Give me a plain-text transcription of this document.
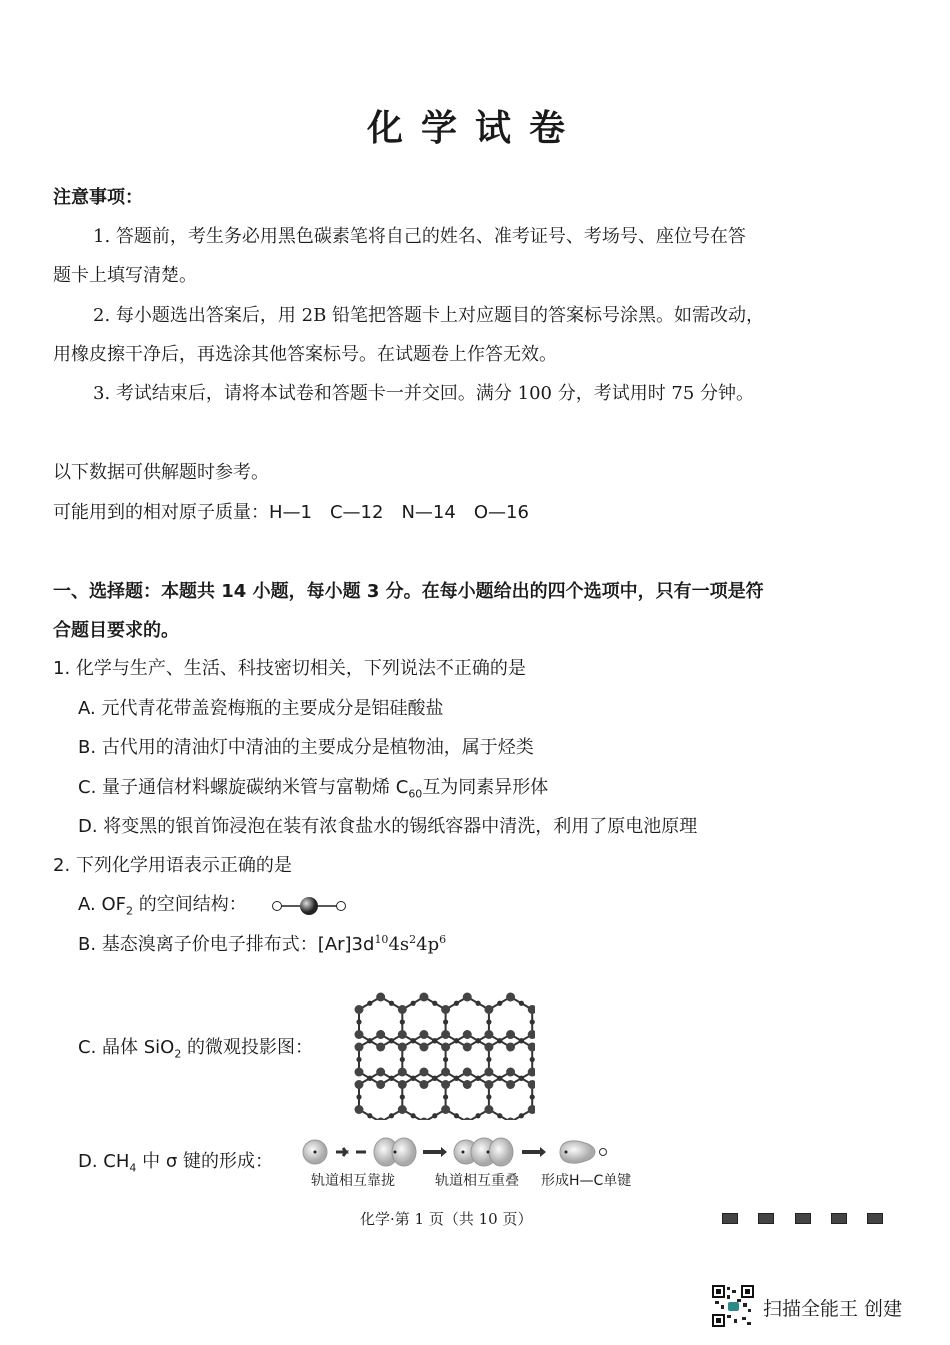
化学试卷
注意事项：
1. 答题前，考生务必用黑色碳素笔将自己的姓名、准考证号、考场号、座位号在答
题卡上填写清楚。
2. 每小题选出答案后，用 2B 铅笔把答题卡上对应题目的答案标号涂黑。如需改动，
用橡皮擦干净后，再选涂其他答案标号。在试题卷上作答无效。
3. 考试结束后，请将本试卷和答题卡一并交回。满分 100 分，考试用时 75 分钟。
以下数据可供解题时参考。
可能用到的相对原子质量：H—1　C—12　N—14　O—16
一、选择题：本题共 14 小题，每小题 3 分。在每小题给出的四个选项中，只有一项是符
合题目要求的。
1. 化学与生产、生活、科技密切相关，下列说法不正确的是
A. 元代青花带盖瓷梅瓶的主要成分是铝硅酸盐
B. 古代用的清油灯中清油的主要成分是植物油，属于烃类
C. 量子通信材料螺旋碳纳米管与富勒烯 $C_{60}$互为同素异形体
D. 将变黑的银首饰浸泡在装有浓食盐水的锡纸容器中清洗，利用了原电池原理
2. 下列化学用语表示正确的是
A. $OF_2$ 的空间结构：
B. 基态溴离子价电子排布式：$[Ar]3d^{10}4s^24p^6$
C. 晶体 SiO$_2$ 的微观投影图：
D. $CH_4$ 中 σ 键的形成：
轨道相互靠拢	轨道相互重叠 形成H—C单键
化学·第 1 页（共 10 页）
扫描全能王 创建
